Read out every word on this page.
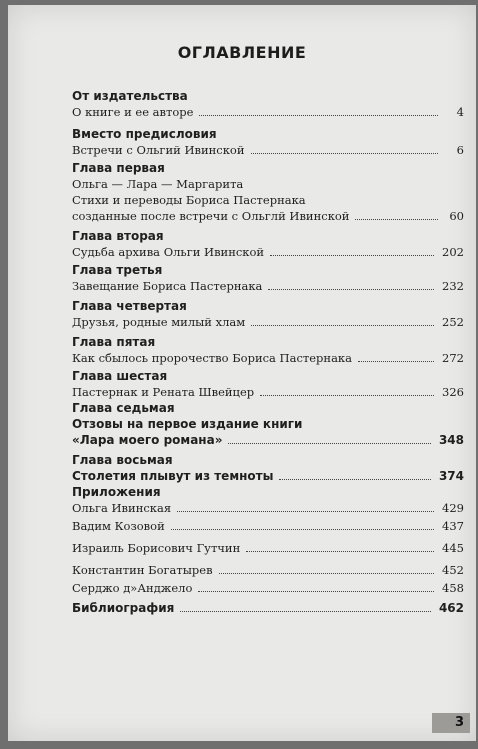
ОГЛАВЛЕНИЕ
От издательства
О книге и ее авторе	4
Вместо предисловия
Встречи с Ольгий Ивинской	6
Глава первая
Ольга — Лара — Маргарита
Стихи и переводы Бориса Пастернака
созданные после встречи с Ольглй Ивинской	60
Глава вторая
Судьба архива Ольги Ивинской	202
Глава третья
Завещание Бориса Пастернака	232
Глава четвертая
Друзья, родные милый хлам	252
Глава пятая
Как сбылось пророчество Бориса Пастернака	272
Глава шестая
Пастернак и Рената Швейцер	326
Глава седьмая
Отзовы на первое издание книги
«Лара моего романа»	348
Глава восьмая
Столетия плывут из темноты	374
Приложения
Ольга Ивинская	429
Вадим Козовой	437
Израиль Борисович Гутчин	445
Константин Богатырев	452
Серджо д»Анджело	458
Библиография	462
3
